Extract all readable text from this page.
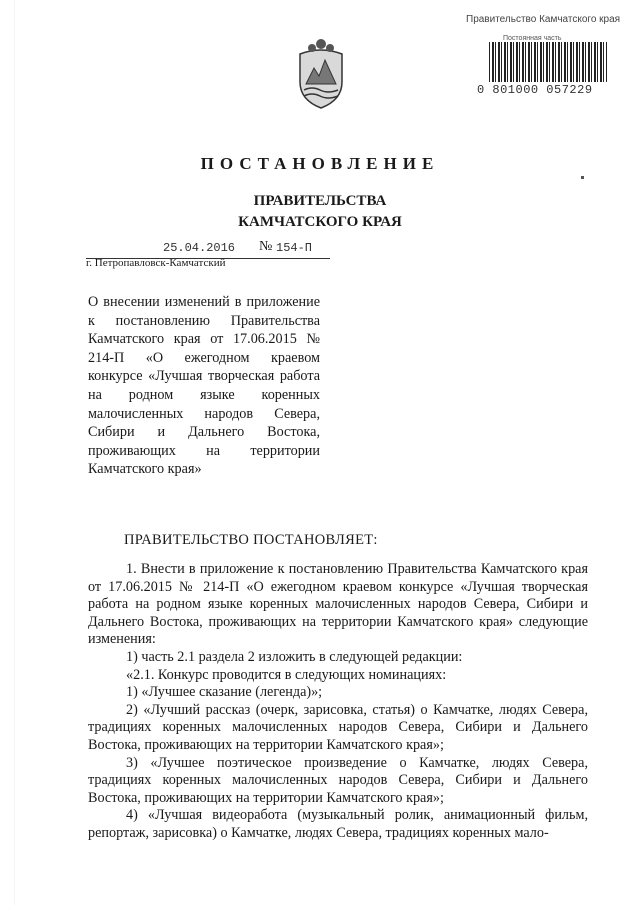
Правительство Камчатского края
Постоянная часть
0 801000 057229
ПОСТАНОВЛЕНИЕ
ПРАВИТЕЛЬСТВА
КАМЧАТСКОГО КРАЯ
25.04.2016 № 154-П
г. Петропавловск-Камчатский
О внесении изменений в приложение к постановлению Правительства Камчатского края от 17.06.2015 № 214-П «О ежегодном краевом конкурсе «Лучшая творческая работа на родном языке коренных малочисленных народов Севера, Сибири и Дальнего Востока, проживающих на территории Камчатского края»
ПРАВИТЕЛЬСТВО ПОСТАНОВЛЯЕТ:

1. Внести в приложение к постановлению Правительства Камчатского края от 17.06.2015 № 214-П «О ежегодном краевом конкурсе «Лучшая творческая работа на родном языке коренных малочисленных народов Севера, Сибири и Дальнего Востока, проживающих на территории Камчатского края» следующие изменения:

1) часть 2.1 раздела 2 изложить в следующей редакции:

«2.1. Конкурс проводится в следующих номинациях:

1) «Лучшее сказание (легенда)»;

2) «Лучший рассказ (очерк, зарисовка, статья) о Камчатке, людях Севера, традициях коренных малочисленных народов Севера, Сибири и Дальнего Востока, проживающих на территории Камчатского края»;

3) «Лучшее поэтическое произведение о Камчатке, людях Севера, традициях коренных малочисленных народов Севера, Сибири и Дальнего Востока, проживающих на территории Камчатского края»;

4) «Лучшая видеоработа (музыкальный ролик, анимационный фильм, репортаж, зарисовка) о Камчатке, людях Севера, традициях коренных мало-
